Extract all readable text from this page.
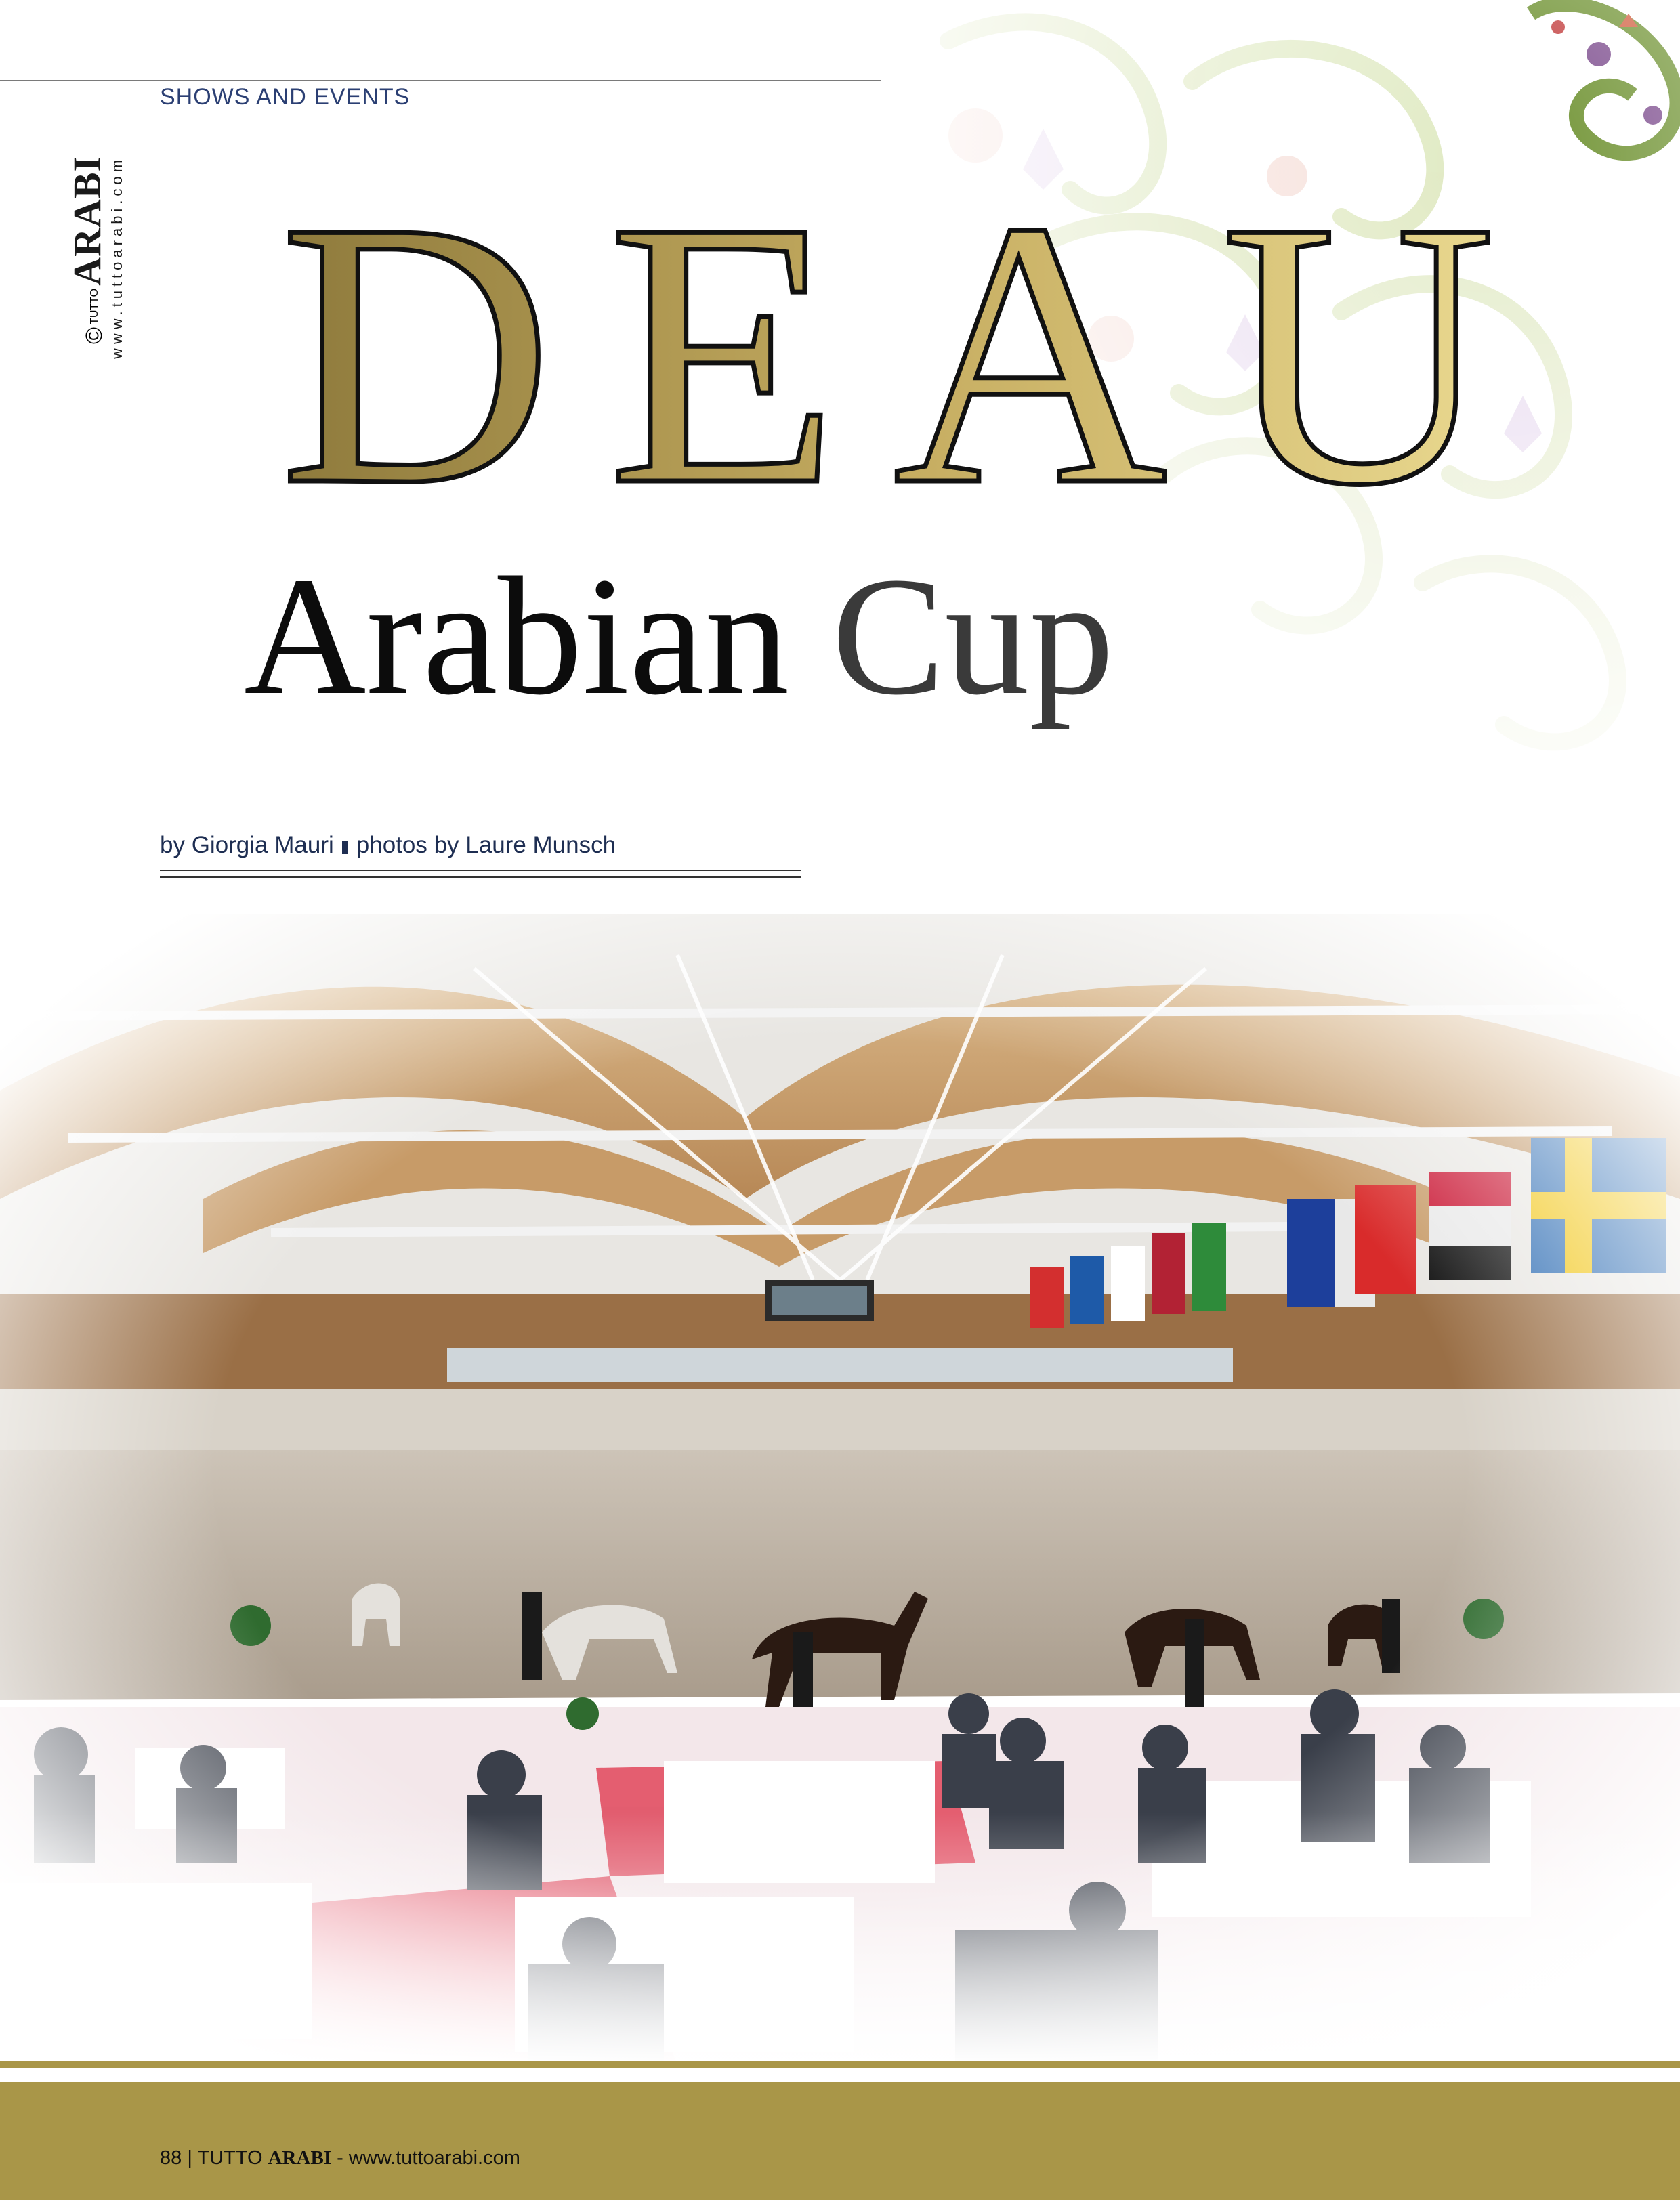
SHOWS AND EVENTS
©
TUTTO
ARABI www.tuttoarabi.com DEAU
Arabian Cup
by Giorgia Mauri photos by Laure Munsch
88 | TUTTO ARABI - www.tuttoarabi.com
